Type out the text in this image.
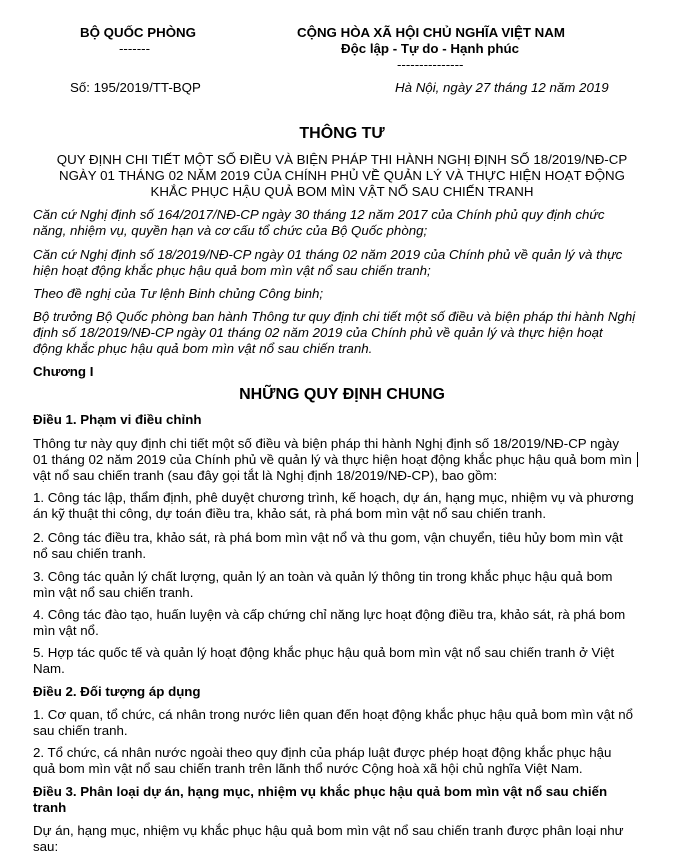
BỘ QUỐC PHÒNG
-------
Số: 195/2019/TT-BQP
CỘNG HÒA XÃ HỘI CHỦ NGHĨA VIỆT NAM
Độc lập - Tự do - Hạnh phúc
---------------
Hà Nội, ngày 27 tháng 12 năm 2019
THÔNG TƯ
QUY ĐỊNH CHI TIẾT MỘT SỐ ĐIỀU VÀ BIỆN PHÁP THI HÀNH NGHỊ ĐỊNH SỐ 18/2019/NĐ-CP
NGÀY 01 THÁNG 02 NĂM 2019 CỦA CHÍNH PHỦ VỀ QUẢN LÝ VÀ THỰC HIỆN HOẠT ĐỘNG
KHẮC PHỤC HẬU QUẢ BOM MÌN VẬT NỔ SAU CHIẾN TRANH
Căn cứ Nghị định số 164/2017/NĐ-CP ngày 30 tháng 12 năm 2017 của Chính phủ quy định chức
năng, nhiệm vụ, quyền hạn và cơ cấu tổ chức của Bộ Quốc phòng;
Căn cứ Nghị định số 18/2019/NĐ-CP ngày 01 tháng 02 năm 2019 của Chính phủ về quản lý và thực
hiện hoạt động khắc phục hậu quả bom mìn vật nổ sau chiến tranh;
Theo đề nghị của Tư lệnh Binh chủng Công binh;
Bộ trưởng Bộ Quốc phòng ban hành Thông tư quy định chi tiết một số điều và biện pháp thi hành Nghị
định số 18/2019/NĐ-CP ngày 01 tháng 02 năm 2019 của Chính phủ về quản lý và thực hiện hoạt
động khắc phục hậu quả bom mìn vật nổ sau chiến tranh.
Chương I
NHỮNG QUY ĐỊNH CHUNG
Điều 1. Phạm vi điều chỉnh
Thông tư này quy định chi tiết một số điều và biện pháp thi hành Nghị định số 18/2019/NĐ-CP ngày
01 tháng 02 năm 2019 của Chính phủ về quản lý và thực hiện hoạt động khắc phục hậu quả bom mìn
vật nổ sau chiến tranh (sau đây gọi tắt là Nghị định 18/2019/NĐ-CP), bao gồm:
1. Công tác lập, thẩm định, phê duyệt chương trình, kế hoạch, dự án, hạng mục, nhiệm vụ và phương
án kỹ thuật thi công, dự toán điều tra, khảo sát, rà phá bom mìn vật nổ sau chiến tranh.
2. Công tác điều tra, khảo sát, rà phá bom mìn vật nổ và thu gom, vận chuyển, tiêu hủy bom mìn vật
nổ sau chiến tranh.
3. Công tác quản lý chất lượng, quản lý an toàn và quản lý thông tin trong khắc phục hậu quả bom
mìn vật nổ sau chiến tranh.
4. Công tác đào tạo, huấn luyện và cấp chứng chỉ năng lực hoạt động điều tra, khảo sát, rà phá bom
mìn vật nổ.
5. Hợp tác quốc tế và quản lý hoạt động khắc phục hậu quả bom mìn vật nổ sau chiến tranh ở Việt
Nam.
Điều 2. Đối tượng áp dụng
1. Cơ quan, tổ chức, cá nhân trong nước liên quan đến hoạt động khắc phục hậu quả bom mìn vật nổ
sau chiến tranh.
2. Tổ chức, cá nhân nước ngoài theo quy định của pháp luật được phép hoạt động khắc phục hậu
quả bom mìn vật nổ sau chiến tranh trên lãnh thổ nước Cộng hoà xã hội chủ nghĩa Việt Nam.
Điều 3. Phân loại dự án, hạng mục, nhiệm vụ khắc phục hậu quả bom mìn vật nổ sau chiến
tranh
Dự án, hạng mục, nhiệm vụ khắc phục hậu quả bom mìn vật nổ sau chiến tranh được phân loại như
sau:
